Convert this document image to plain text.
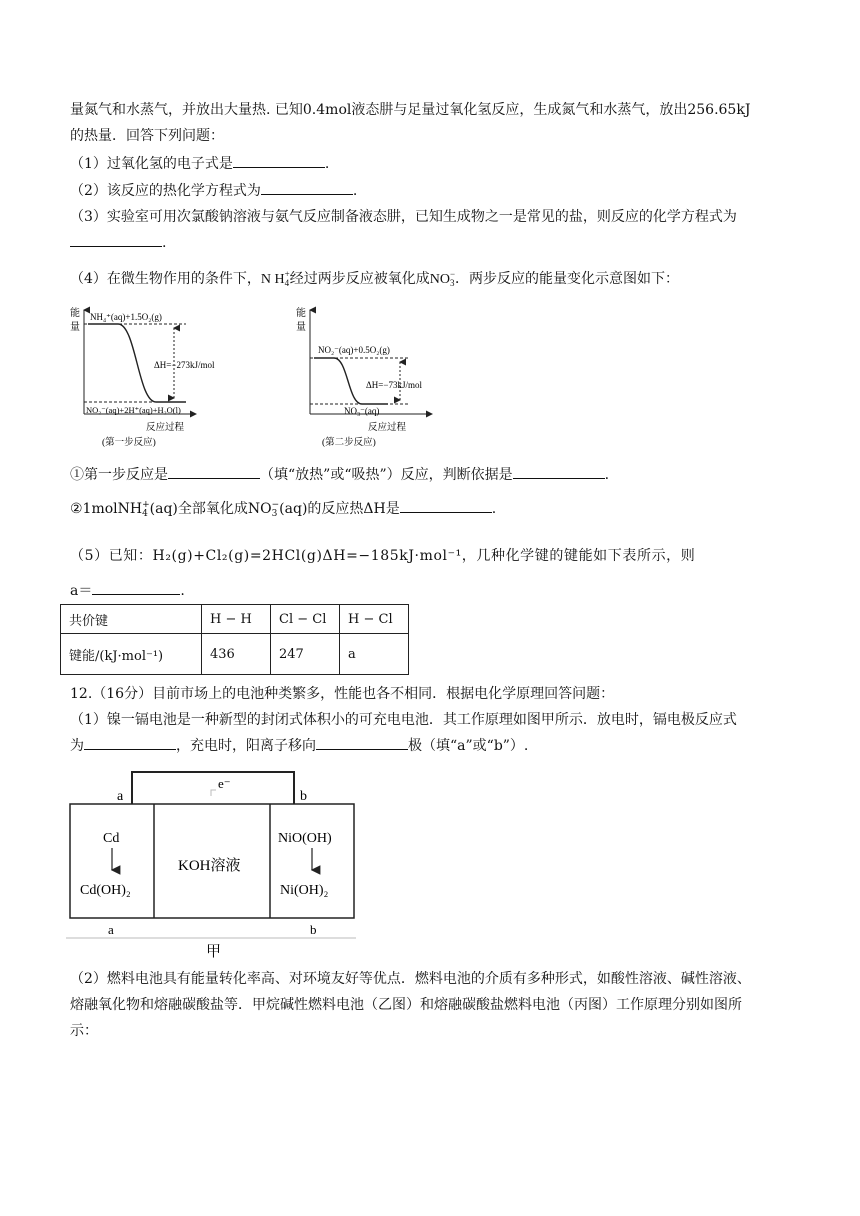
量氮气和水蒸气，并放出大量热. 已知0.4mol液态肼与足量过氧化氢反应，生成氮气和水蒸气，放出256.65kJ
的热量．回答下列问题：
（1）过氧化氢的电子式是	.
（2）该反应的热化学方程式为	.
（3）实验室可用次氯酸钠溶液与氨气反应制备液态肼，已知生成物之一是常见的盐，则反应的化学方程式为
.
（4）在微生物作用的条件下，N H+
4经过两步反应被氧化成NO−
3．两步反应的能量变化示意图如下：
能
量
NH₄⁺(aq)+1.5O₂(g)
ΔH=−273kJ/mol
NO₂⁻(aq)+2H⁺(aq)+H₂O(l)
反应过程
(第一步反应)
能
量
NO₂⁻(aq)+0.5O₂(g)
ΔH=−73kJ/mol
NO₃⁻(aq)
反应过程
(第二步反应)
①第一步反应是	（填“放热”或“吸热”）反应，判断依据是	.
②1molNH+
4 (aq)全部氧化成NO−
3 (aq)的反应热ΔH是	.
（5）已知：H₂(g)+Cl₂(g)=2HCl(g)ΔH=−185kJ·mol⁻¹，几种化学键的键能如下表所示，则
a＝	.
共价键	H − H	Cl − Cl	H − Cl
键能/(kJ·mol⁻¹)	436	247	a
12.（16分）目前市场上的电池种类繁多，性能也各不相同．根据电化学原理回答问题：
（1）镍一镉电池是一种新型的封闭式体积小的可充电电池．其工作原理如图甲所示．放电时，镉电极反应式
为	，充电时，阳离子移向	极（填“a”或“b”）.
e⁻
a	b
Cd
Cd(OH)₂
KOH溶液
NiO(OH)
Ni(OH)₂
a	b
甲
（2）燃料电池具有能量转化率高、对环境友好等优点．燃料电池的介质有多种形式，如酸性溶液、碱性溶液、
熔融氧化物和熔融碳酸盐等．甲烷碱性燃料电池（乙图）和熔融碳酸盐燃料电池（丙图）工作原理分别如图所
示：
